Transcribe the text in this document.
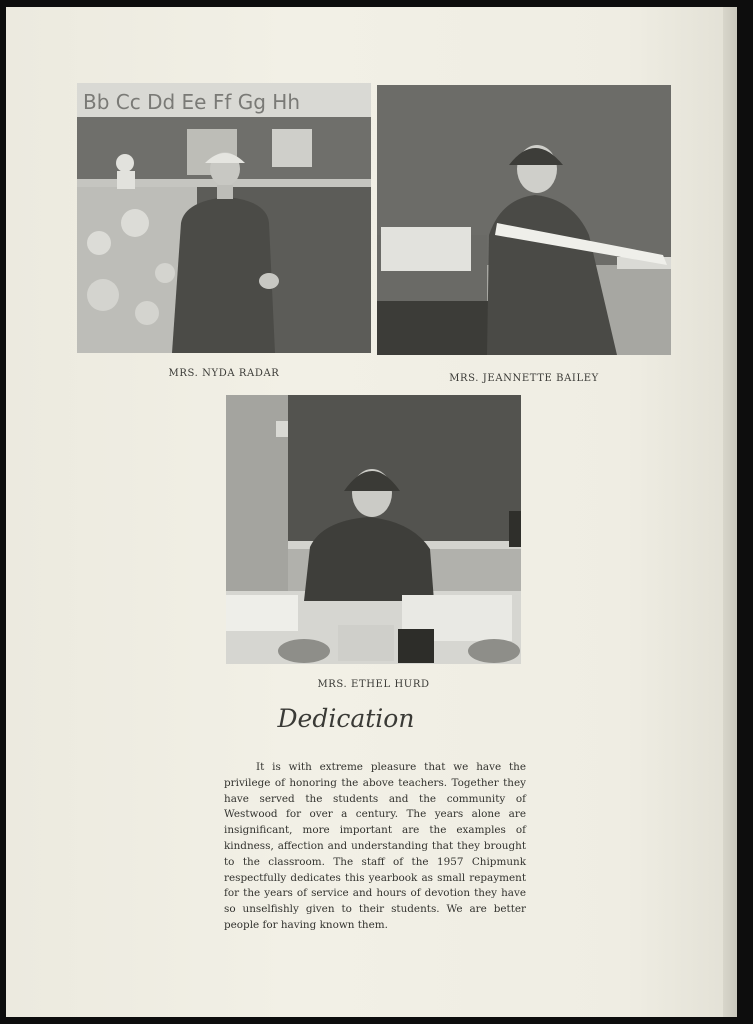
Bb Cc Dd Ee Ff Gg Hh
MRS. NYDA RADAR	MRS. JEANNETTE BAILEY
MRS. ETHEL HURD
Dedication
It is with extreme pleasure that we have the privilege of honoring the above teachers. Together they have served the students and the community of Westwood for over a century. The years alone are insignificant, more important are the examples of kindness, affection and understanding that they brought to the classroom. The staff of the 1957 Chipmunk respectfully dedicates this yearbook as small repayment for the years of service and hours of devotion they have so unselfishly given to their students. We are better people for having known them.
